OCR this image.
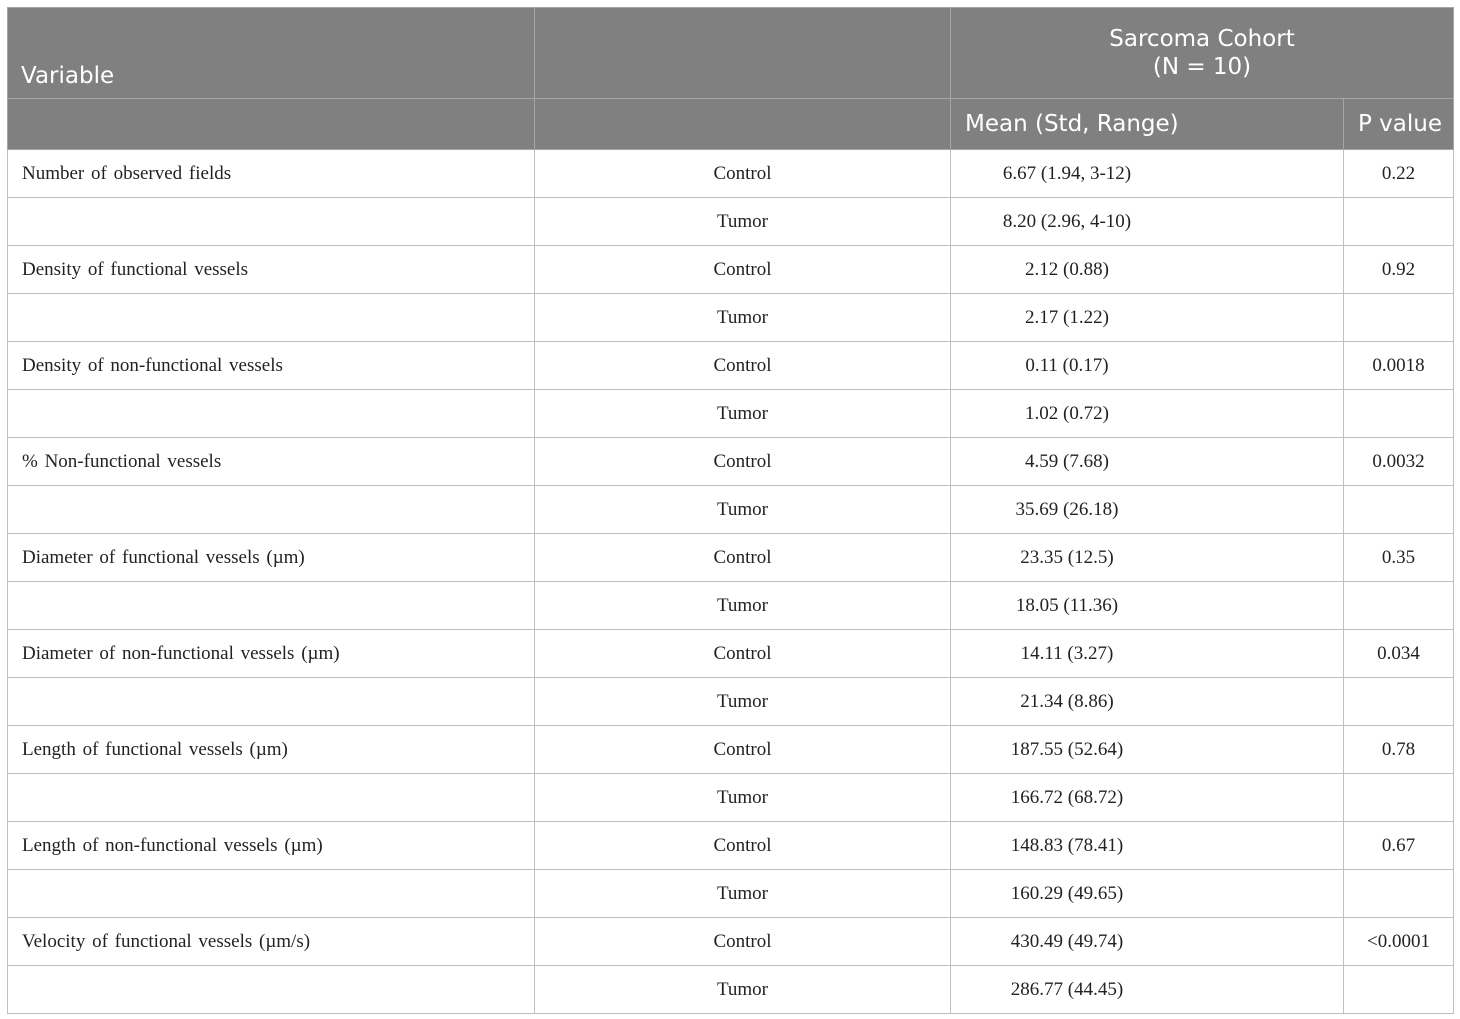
Variable		Sarcoma Cohort
(N = 10)	

		Mean (Std, Range)	P value
Number of observed fields	Control	6.67 (1.94, 3-12)	0.22
	Tumor	8.20 (2.96, 4-10)	
Density of functional vessels	Control	2.12 (0.88)	0.92
	Tumor	2.17 (1.22)	
Density of non-functional vessels	Control	0.11 (0.17)	0.0018
	Tumor	1.02 (0.72)	
% Non-functional vessels	Control	4.59 (7.68)	0.0032
	Tumor	35.69 (26.18)	
Diameter of functional vessels (µm)	Control	23.35 (12.5)	0.35
	Tumor	18.05 (11.36)	
Diameter of non-functional vessels (µm)	Control	14.11 (3.27)	0.034
	Tumor	21.34 (8.86)	
Length of functional vessels (µm)	Control	187.55 (52.64)	0.78
	Tumor	166.72 (68.72)	
Length of non-functional vessels (µm)	Control	148.83 (78.41)	0.67
	Tumor	160.29 (49.65)	
Velocity of functional vessels (µm/s)	Control	430.49 (49.74)	<0.0001
	Tumor	286.77 (44.45)	
